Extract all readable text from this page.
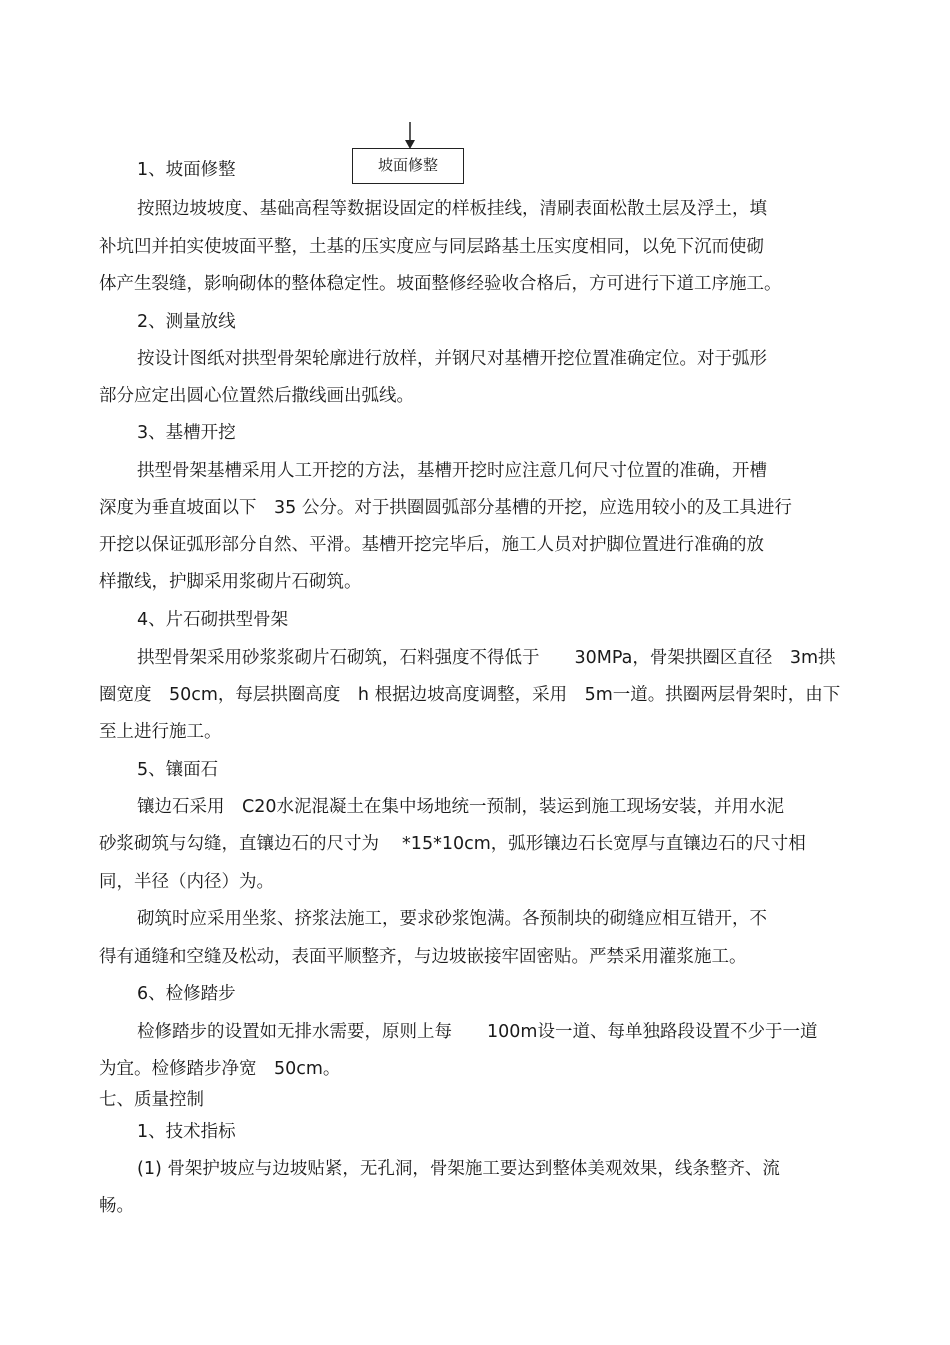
坡面修整
1、坡面修整
按照边坡坡度、基础高程等数据设固定的样板挂线，清刷表面松散土层及浮土，填
补坑凹并拍实使坡面平整，土基的压实度应与同层路基土压实度相同，以免下沉而使砌
体产生裂缝，影响砌体的整体稳定性。坡面整修经验收合格后，方可进行下道工序施工。
2、测量放线
按设计图纸对拱型骨架轮廓进行放样，并钢尺对基槽开挖位置准确定位。对于弧形
部分应定出圆心位置然后撒线画出弧线。
3、基槽开挖
拱型骨架基槽采用人工开挖的方法，基槽开挖时应注意几何尺寸位置的准确，开槽
深度为垂直坡面以下　35 公分。对于拱圈圆弧部分基槽的开挖，应选用较小的及工具进行
开挖以保证弧形部分自然、平滑。基槽开挖完毕后，施工人员对护脚位置进行准确的放
样撒线，护脚采用浆砌片石砌筑。
4、片石砌拱型骨架
拱型骨架采用砂浆浆砌片石砌筑，石料强度不得低于　　30MPa，骨架拱圈区直径　3m拱
圈宽度　50cm，每层拱圈高度　h 根据边坡高度调整，采用　5m一道。拱圈两层骨架时，由下
至上进行施工。
5、镶面石
镶边石采用　C20水泥混凝土在集中场地统一预制，装运到施工现场安装，并用水泥
砂浆砌筑与勾缝，直镶边石的尺寸为　 *15*10cm，弧形镶边石长宽厚与直镶边石的尺寸相
同，半径（内径）为。
砌筑时应采用坐浆、挤浆法施工，要求砂浆饱满。各预制块的砌缝应相互错开，不
得有通缝和空缝及松动，表面平顺整齐，与边坡嵌接牢固密贴。严禁采用灌浆施工。
6、检修踏步
检修踏步的设置如无排水需要，原则上每　　100m设一道、每单独路段设置不少于一道
为宜。检修踏步净宽　50cm。
七、质量控制
1、技术指标
(1) 骨架护坡应与边坡贴紧，无孔洞，骨架施工要达到整体美观效果，线条整齐、流
畅。
